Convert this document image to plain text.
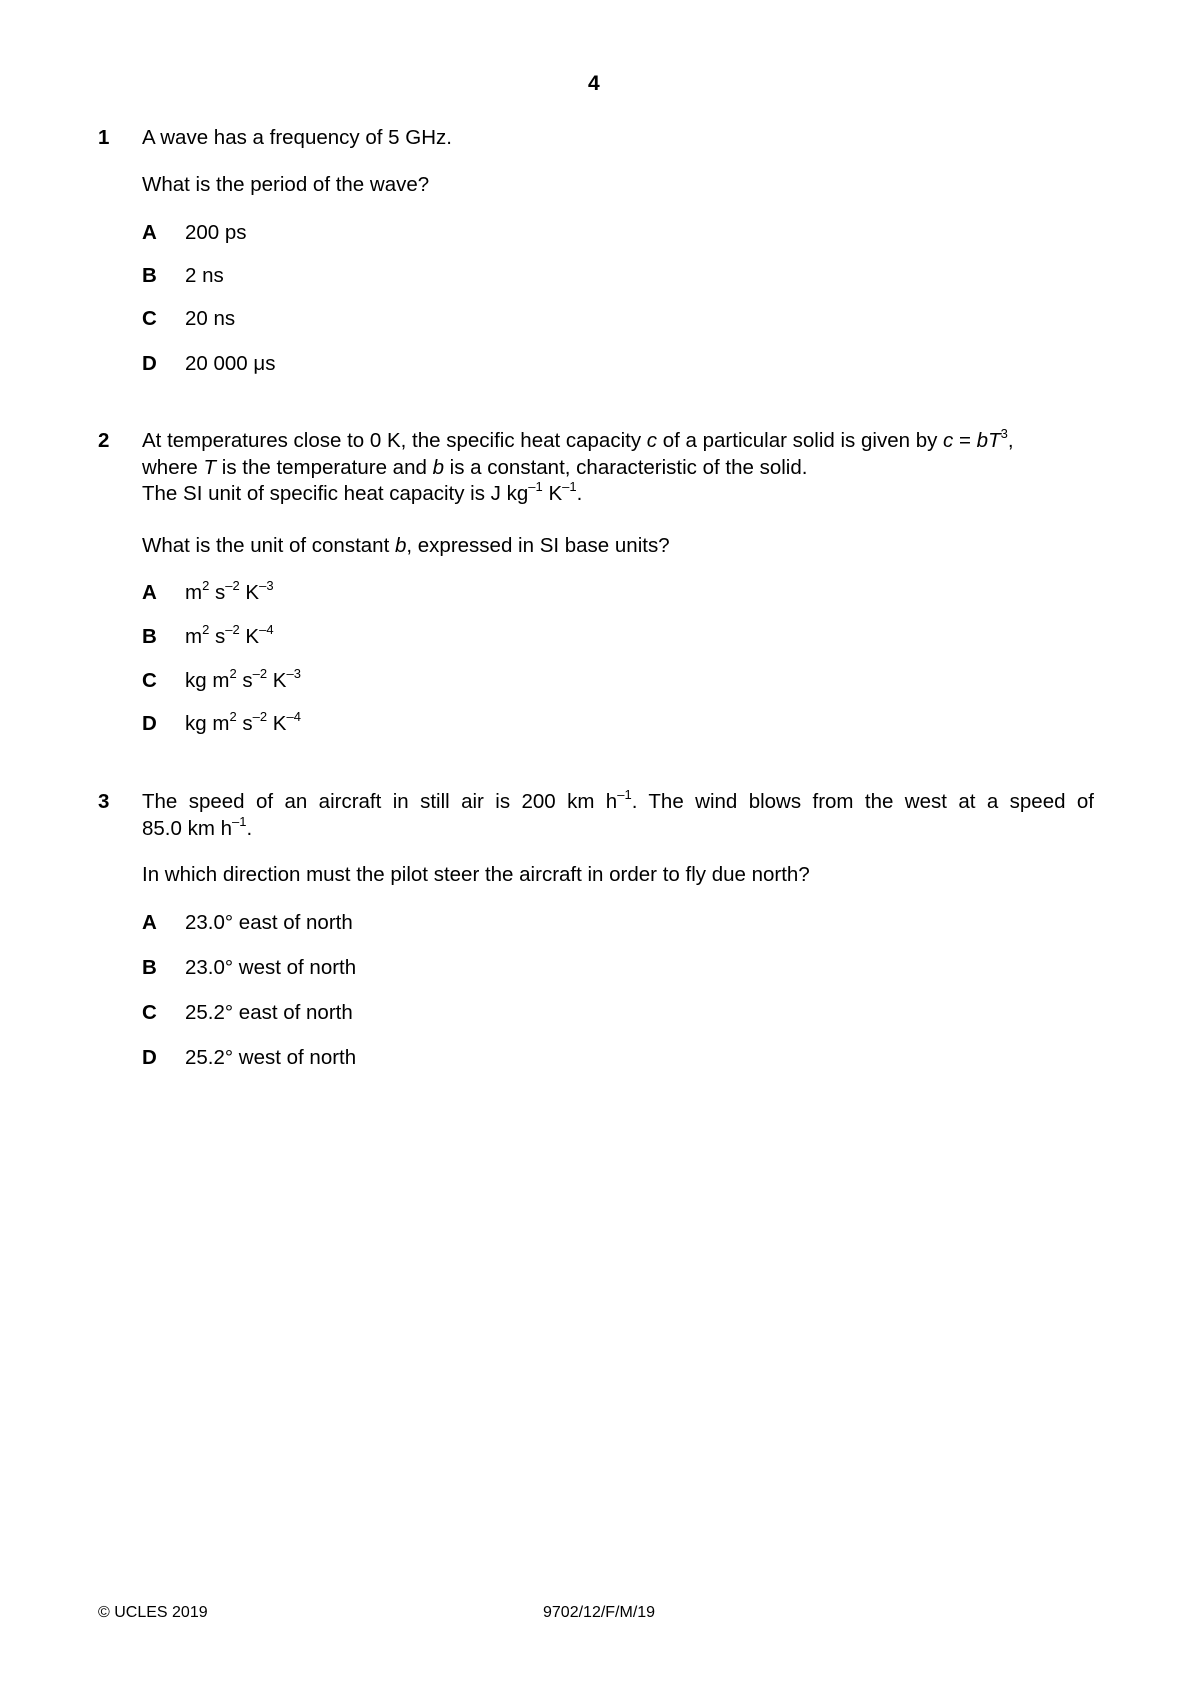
4
1 A wave has a frequency of 5 GHz.
What is the period of the wave?
A 200 ps
B 2 ns
C 20 ns
D 20 000 μs
2 At temperatures close to 0 K, the specific heat capacity c of a particular solid is given by $c = bT^3$,
where T is the temperature and b is a constant, characteristic of the solid.
The SI unit of specific heat capacity is J $kg^{-1}$ $K^{-1}$.
What is the unit of constant b, expressed in SI base units?
A $m^2$ $s^{-2}$ $K^{-3}$
B $m^2$ $s^{-2}$ $K^{-4}$
C kg $m^2$ $s^{-2}$ $K^{-3}$
D kg $m^2$ $s^{-2}$ $K^{-4}$
3 The speed of an aircraft in still air is 200 km $h^{-1}$. The wind blows from the west at a speed of
85.0 km $h^{-1}$.
In which direction must the pilot steer the aircraft in order to fly due north?
A 23.0° east of north
B 23.0° west of north
C 25.2° east of north
D 25.2° west of north
© UCLES 2019	9702/12/F/M/19
